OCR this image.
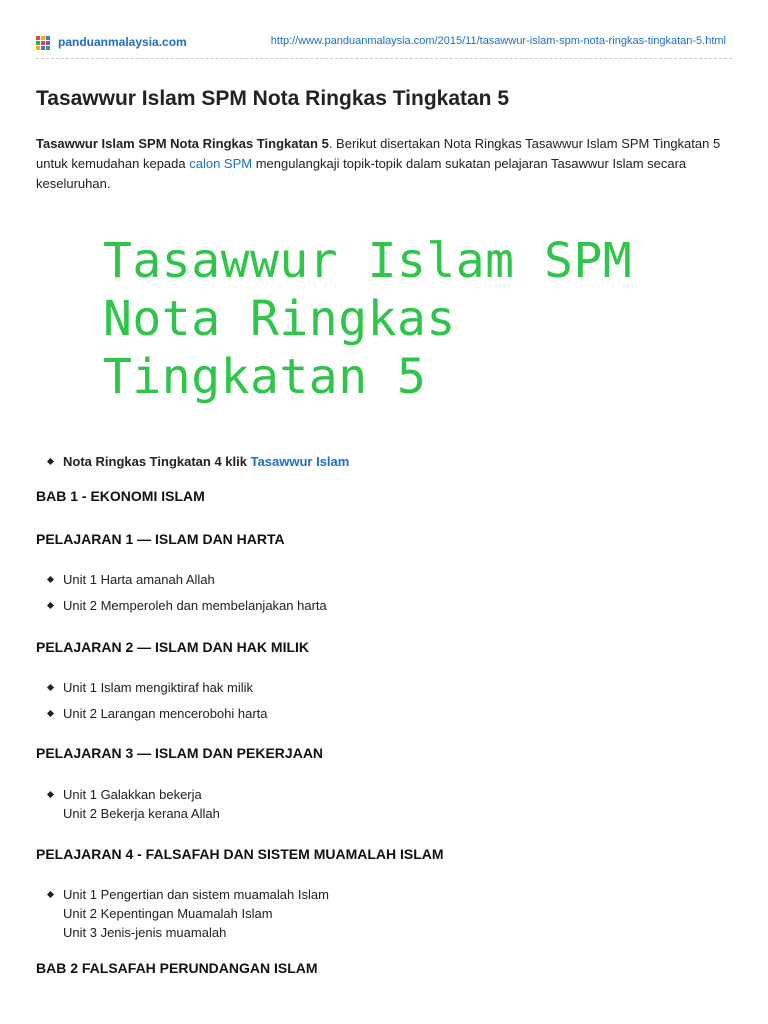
panduanmalaysia.com	http://www.panduanmalaysia.com/2015/11/tasawwur-islam-spm-nota-ringkas-tingkatan-5.html
Tasawwur Islam SPM Nota Ringkas Tingkatan 5

Tasawwur Islam SPM Nota Ringkas Tingkatan 5. Berikut disertakan Nota Ringkas Tasawwur Islam SPM Tingkatan 5 untuk kemudahan kepada calon SPM mengulangkaji topik-topik dalam sukatan pelajaran Tasawwur Islam secara keseluruhan.

Tasawwur Islam SPM
Nota Ringkas
Tingkatan 5
Nota Ringkas Tingkatan 4 klik Tasawwur Islam
BAB 1 - EKONOMI ISLAM
PELAJARAN 1 — ISLAM DAN HARTA
Unit 1 Harta amanah Allah
Unit 2 Memperoleh dan membelanjakan harta
PELAJARAN 2 — ISLAM DAN HAK MILIK
Unit 1 Islam mengiktiraf hak milik
Unit 2 Larangan mencerobohi harta
PELAJARAN 3 — ISLAM DAN PEKERJAAN
Unit 1 Galakkan bekerja
Unit 2 Bekerja kerana Allah
PELAJARAN 4 - FALSAFAH DAN SISTEM MUAMALAH ISLAM
Unit 1 Pengertian dan sistem muamalah Islam
Unit 2 Kepentingan Muamalah Islam
Unit 3 Jenis-jenis muamalah
BAB 2 FALSAFAH PERUNDANGAN ISLAM
